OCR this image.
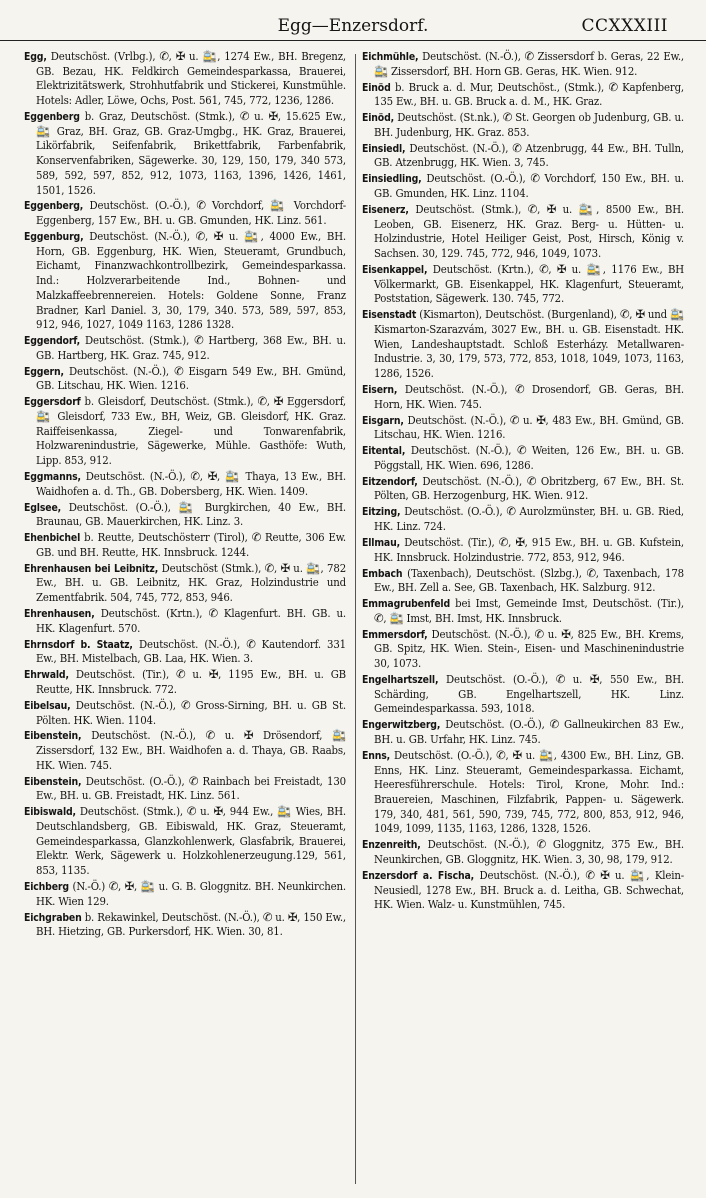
Egg—Enzersdorf.	CCXXXIII

Egg, Deutschöst. (Vrlbg.), ✆, ✠ u. 🚉, 1274 Ew., BH. Bregenz, GB. Bezau, HK. Feldkirch Gemeindesparkassa, Brauerei, Elektrizitätswerk, Strohhutfabrik und Stickerei, Kunstmühle. Hotels: Adler, Löwe, Ochs, Post. 561, 745, 772, 1236, 1286.

Eggenberg b. Graz, Deutschöst. (Stmk.), ✆ u. ✠, 15.625 Ew., 🚉 Graz, BH. Graz, GB. Graz-Umgbg., HK. Graz, Brauerei, Likörfabrik, Seifenfabrik, Brikettfabrik, Farbenfabrik, Konservenfabriken, Sägewerke. 30, 129, 150, 179, 340 573, 589, 592, 597, 852, 912, 1073, 1163, 1396, 1426, 1461, 1501, 1526.

Eggenberg, Deutschöst. (O.-Ö.), ✆ Vorchdorf, 🚉 Vorchdorf-Eggenberg, 157 Ew., BH. u. GB. Gmunden, HK. Linz. 561.

Eggenburg, Deutschöst. (N.-Ö.), ✆, ✠ u. 🚉, 4000 Ew., BH. Horn, GB. Eggenburg, HK. Wien, Steueramt, Grundbuch, Eichamt, Finanzwachkontrollbezirk, Gemeindesparkassa. Ind.: Holzverarbeitende Ind., Bohnen- und Malzkaffeebrennereien. Hotels: Goldene Sonne, Franz Bradner, Karl Daniel. 3, 30, 179, 340. 573, 589, 597, 853, 912, 946, 1027, 1049 1163, 1286 1328.

Eggendorf, Deutschöst. (Stmk.), ✆ Hartberg, 368 Ew., BH. u. GB. Hartberg, HK. Graz. 745, 912.

Eggern, Deutschöst. (N.-Ö.), ✆ Eisgarn 549 Ew., BH. Gmünd, GB. Litschau, HK. Wien. 1216.

Eggersdorf b. Gleisdorf, Deutschöst. (Stmk.), ✆, ✠ Eggersdorf, 🚉 Gleisdorf, 733 Ew., BH, Weiz, GB. Gleisdorf, HK. Graz. Raiffeisenkassa, Ziegel- und Tonwarenfabrik, Holzwarenindustrie, Sägewerke, Mühle. Gasthöfe: Wuth, Lipp. 853, 912.

Eggmanns, Deutschöst. (N.-Ö.), ✆, ✠, 🚉 Thaya, 13 Ew., BH. Waidhofen a. d. Th., GB. Dobersberg, HK. Wien. 1409.

Eglsee, Deutschöst. (O.-Ö.), 🚉 Burgkirchen, 40 Ew., BH. Braunau, GB. Mauerkirchen, HK. Linz. 3.

Ehenbichel b. Reutte, Deutschösterr (Tirol), ✆ Reutte, 306 Ew. GB. und BH. Reutte, HK. Innsbruck. 1244.

Ehrenhausen bei Leibnitz, Deutschöst (Stmk.), ✆, ✠ u. 🚉, 782 Ew., BH. u. GB. Leibnitz, HK. Graz, Holzindustrie und Zementfabrik. 504, 745, 772, 853, 946.

Ehrenhausen, Deutschöst. (Krtn.), ✆ Klagenfurt. BH. GB. u. HK. Klagenfurt. 570.

Ehrnsdorf b. Staatz, Deutschöst. (N.-Ö.), ✆ Kautendorf. 331 Ew., BH. Mistelbach, GB. Laa, HK. Wien. 3.

Ehrwald, Deutschöst. (Tir.), ✆ u. ✠, 1195 Ew., BH. u. GB Reutte, HK. Innsbruck. 772.

Eibelsau, Deutschöst. (N.-Ö.), ✆ Gross-Sirning, BH. u. GB St. Pölten. HK. Wien. 1104.

Eibenstein, Deutschöst. (N.-Ö.), ✆ u. ✠ Drösendorf, 🚉 Zissersdorf, 132 Ew., BH. Waidhofen a. d. Thaya, GB. Raabs, HK. Wien. 745.

Eibenstein, Deutschöst. (O.-Ö.), ✆ Rainbach bei Freistadt, 130 Ew., BH. u. GB. Freistadt, HK. Linz. 561.

Eibiswald, Deutschöst. (Stmk.), ✆ u. ✠, 944 Ew., 🚉 Wies, BH. Deutschlandsberg, GB. Eibiswald, HK. Graz, Steueramt, Gemeindesparkassa, Glanzkohlenwerk, Glasfabrik, Brauerei, Elektr. Werk, Sägewerk u. Holzkohlenerzeugung.129, 561, 853, 1135.

Eichberg (N.-Ö.) ✆, ✠, 🚉 u. G. B. Gloggnitz. BH. Neunkirchen. HK. Wien 129.

Eichgraben b. Rekawinkel, Deutschöst. (N.-Ö.), ✆ u. ✠, 150 Ew., BH. Hietzing, GB. Purkersdorf, HK. Wien. 30, 81.

Eichmühle, Deutschöst. (N.-Ö.), ✆ Zissersdorf b. Geras, 22 Ew., 🚉 Zissersdorf, BH. Horn GB. Geras, HK. Wien. 912.

Einöd b. Bruck a. d. Mur, Deutschöst., (Stmk.), ✆ Kapfenberg, 135 Ew., BH. u. GB. Bruck a. d. M., HK. Graz.

Einöd, Deutschöst. (St.nk.), ✆ St. Georgen ob Judenburg, GB. u. BH. Judenburg, HK. Graz. 853.

Einsiedl, Deutschöst. (N.-Ö.), ✆ Atzenbrugg, 44 Ew., BH. Tulln, GB. Atzenbrugg, HK. Wien. 3, 745.

Einsiedling, Deutschöst. (O.-Ö.), ✆ Vorchdorf, 150 Ew., BH. u. GB. Gmunden, HK. Linz. 1104.

Eisenerz, Deutschöst. (Stmk.), ✆, ✠ u. 🚉, 8500 Ew., BH. Leoben, GB. Eisenerz, HK. Graz. Berg- u. Hütten- u. Holzindustrie, Hotel Heiliger Geist, Post, Hirsch, König v. Sachsen. 30, 129. 745, 772, 946, 1049, 1073.

Eisenkappel, Deutschöst. (Krtn.), ✆, ✠ u. 🚉, 1176 Ew., BH Völkermarkt, GB. Eisenkappel, HK. Klagenfurt, Steueramt, Poststation, Sägewerk. 130. 745, 772.

Eisenstadt (Kismarton), Deutschöst. (Burgenland), ✆, ✠ und 🚉 Kismarton-Szarazvám, 3027 Ew., BH. u. GB. Eisenstadt. HK. Wien, Landeshauptstadt. Schloß Esterházy. Metallwaren-Industrie. 3, 30, 179, 573, 772, 853, 1018, 1049, 1073, 1163, 1286, 1526.

Eisern, Deutschöst. (N.-Ö.), ✆ Drosendorf, GB. Geras, BH. Horn, HK. Wien. 745.

Eisgarn, Deutschöst. (N.-Ö.), ✆ u. ✠, 483 Ew., BH. Gmünd, GB. Litschau, HK. Wien. 1216.

Eitental, Deutschöst. (N.-Ö.), ✆ Weiten, 126 Ew., BH. u. GB. Pöggstall, HK. Wien. 696, 1286.

Eitzendorf, Deutschöst. (N.-Ö.), ✆ Obritzberg, 67 Ew., BH. St. Pölten, GB. Herzogenburg, HK. Wien. 912.

Eitzing, Deutschöst. (O.-Ö.), ✆ Aurolzmünster, BH. u. GB. Ried, HK. Linz. 724.

Ellmau, Deutschöst. (Tir.), ✆, ✠, 915 Ew., BH. u. GB. Kufstein, HK. Innsbruck. Holzindustrie. 772, 853, 912, 946.

Embach (Taxenbach), Deutschöst. (Slzbg.), ✆, Taxenbach, 178 Ew., BH. Zell a. See, GB. Taxenbach, HK. Salzburg. 912.

Emmagrubenfeld bei Imst, Gemeinde Imst, Deutschöst. (Tir.), ✆, 🚉 Imst, BH. Imst, HK. Innsbruck.

Emmersdorf, Deutschöst. (N.-Ö.), ✆ u. ✠, 825 Ew., BH. Krems, GB. Spitz, HK. Wien. Stein-, Eisen- und Maschinenindustrie 30, 1073.

Engelhartszell, Deutschöst. (O.-Ö.), ✆ u. ✠, 550 Ew., BH. Schärding, GB. Engelhartszell, HK. Linz. Gemeindesparkassa. 593, 1018.

Engerwitzberg, Deutschöst. (O.-Ö.), ✆ Gallneukirchen 83 Ew., BH. u. GB. Urfahr, HK. Linz. 745.

Enns, Deutschöst. (O.-Ö.), ✆, ✠ u. 🚉, 4300 Ew., BH. Linz, GB. Enns, HK. Linz. Steueramt, Gemeindesparkassa. Eichamt, Heeresführerschule. Hotels: Tirol, Krone, Mohr. Ind.: Brauereien, Maschinen, Filzfabrik, Pappen- u. Sägewerk. 179, 340, 481, 561, 590, 739, 745, 772, 800, 853, 912, 946, 1049, 1099, 1135, 1163, 1286, 1328, 1526.

Enzenreith, Deutschöst. (N.-Ö.), ✆ Gloggnitz, 375 Ew., BH. Neunkirchen, GB. Gloggnitz, HK. Wien. 3, 30, 98, 179, 912.

Enzersdorf a. Fischa, Deutschöst. (N.-Ö.), ✆ ✠ u. 🚉, Klein-Neusiedl, 1278 Ew., BH. Bruck a. d. Leitha, GB. Schwechat, HK. Wien. Walz- u. Kunstmühlen, 745.
